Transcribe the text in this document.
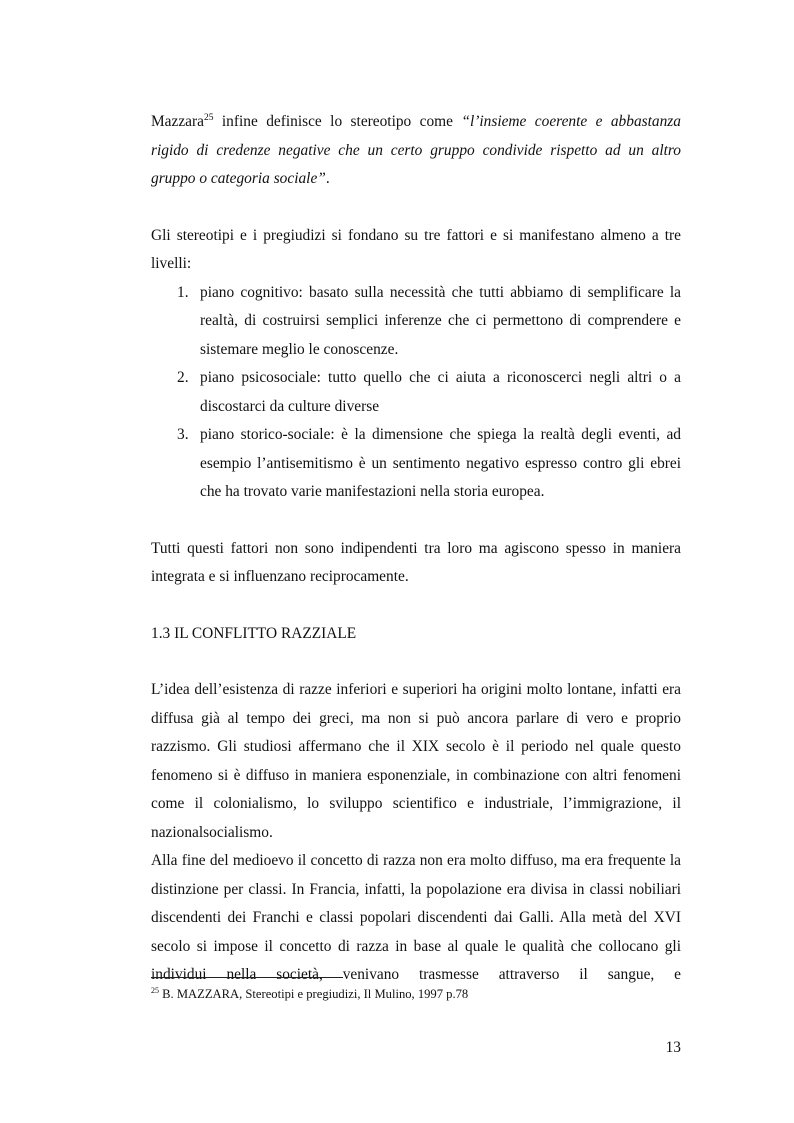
Mazzara$^{25}$ infine definisce lo stereotipo come “l’insieme coerente e abbastanza rigido di credenze negative che un certo gruppo condivide rispetto ad un altro gruppo o categoria sociale”.

Gli stereotipi e i pregiudizi si fondano su tre fattori e si manifestano almeno a tre livelli:

1. piano cognitivo: basato sulla necessità che tutti abbiamo di semplificare la realtà, di costruirsi semplici inferenze che ci permettono di comprendere e sistemare meglio le conoscenze.
2. piano psicosociale: tutto quello che ci aiuta a riconoscerci negli altri o a discostarci da culture diverse
3. piano storico-sociale: è la dimensione che spiega la realtà degli eventi, ad esempio l’antisemitismo è un sentimento negativo espresso contro gli ebrei che ha trovato varie manifestazioni nella storia europea.

Tutti questi fattori non sono indipendenti tra loro ma agiscono spesso in maniera integrata e si influenzano reciprocamente.

1.3 IL CONFLITTO RAZZIALE

L’idea dell’esistenza di razze inferiori e superiori ha origini molto lontane, infatti era diffusa già al tempo dei greci, ma non si può ancora parlare di vero e proprio razzismo. Gli studiosi affermano che il XIX secolo è il periodo nel quale questo fenomeno si è diffuso in maniera esponenziale, in combinazione con altri fenomeni come il colonialismo, lo sviluppo scientifico e industriale, l’immigrazione, il nazionalsocialismo.

Alla fine del medioevo il concetto di razza non era molto diffuso, ma era frequente la distinzione per classi. In Francia, infatti, la popolazione era divisa in classi nobiliari discendenti dei Franchi e classi popolari discendenti dai Galli. Alla metà del XVI secolo si impose il concetto di razza in base al quale le qualità che collocano gli individui nella società, venivano trasmesse attraverso il sangue, e

$^{25}$ B. MAZZARA, Stereotipi e pregiudizi, Il Mulino, 1997 p.78
13
